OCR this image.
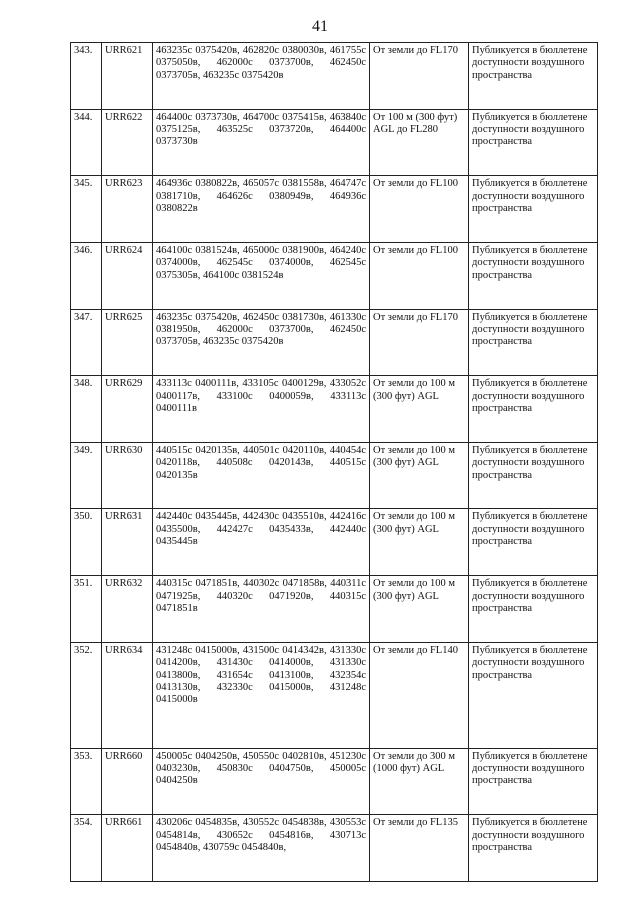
41
343.	URR621	463235с 0375420в, 462820с 0380030в, 461755с 0375050в, 462000с 0373700в, 462450с 0373705в, 463235с 0375420в	От земли до FL170	Публикуется в бюллетене доступности воздушного пространства
344.	URR622	464400с 0373730в, 464700с 0375415в, 463840с 0375125в, 463525с 0373720в, 464400с 0373730в	От 100 м (300 фут) AGL до FL280	Публикуется в бюллетене доступности воздушного пространства
345.	URR623	464936с 0380822в, 465057с 0381558в, 464747с 0381710в, 464626с 0380949в, 464936с 0380822в	От земли до FL100	Публикуется в бюллетене доступности воздушного пространства
346.	URR624	464100с 0381524в, 465000с 0381900в, 464240с 0374000в, 462545с 0374000в, 462545с 0375305в, 464100с 0381524в	От земли до FL100	Публикуется в бюллетене доступности воздушного пространства
347.	URR625	463235с 0375420в, 462450с 0381730в, 461330с 0381950в, 462000с 0373700в, 462450с 0373705в, 463235с 0375420в	От земли до FL170	Публикуется в бюллетене доступности воздушного пространства
348.	URR629	433113с 0400111в, 433105с 0400129в, 433052с 0400117в, 433100с 0400059в, 433113с 0400111в	От земли до 100 м (300 фут) AGL	Публикуется в бюллетене доступности воздушного пространства
349.	URR630	440515с 0420135в, 440501с 0420110в, 440454с 0420118в, 440508с 0420143в, 440515с 0420135в	От земли до 100 м (300 фут) AGL	Публикуется в бюллетене доступности воздушного пространства
350.	URR631	442440с 0435445в, 442430с 0435510в, 442416с 0435500в, 442427с 0435433в, 442440с 0435445в	От земли до 100 м (300 фут) AGL	Публикуется в бюллетене доступности воздушного пространства
351.	URR632	440315с 0471851в, 440302с 0471858в, 440311с 0471925в, 440320с 0471920в, 440315с 0471851в	От земли до 100 м (300 фут) AGL	Публикуется в бюллетене доступности воздушного пространства
352.	URR634	431248с 0415000в, 431500с 0414342в, 431330с 0414200в, 431430с 0414000в, 431330с 0413800в, 431654с 0413100в, 432354с 0413130в, 432330с 0415000в, 431248с 0415000в	От земли до FL140	Публикуется в бюллетене доступности воздушного пространства
353.	URR660	450005с 0404250в, 450550с 0402810в, 451230с 0403230в, 450830с 0404750в, 450005с 0404250в	От земли до 300 м (1000 фут) AGL	Публикуется в бюллетене доступности воздушного пространства
354.	URR661	430206с 0454835в, 430552с 0454838в, 430553с 0454814в, 430652с 0454816в, 430713с 0454840в, 430759с 0454840в,	От земли до FL135	Публикуется в бюллетене доступности воздушного пространства
